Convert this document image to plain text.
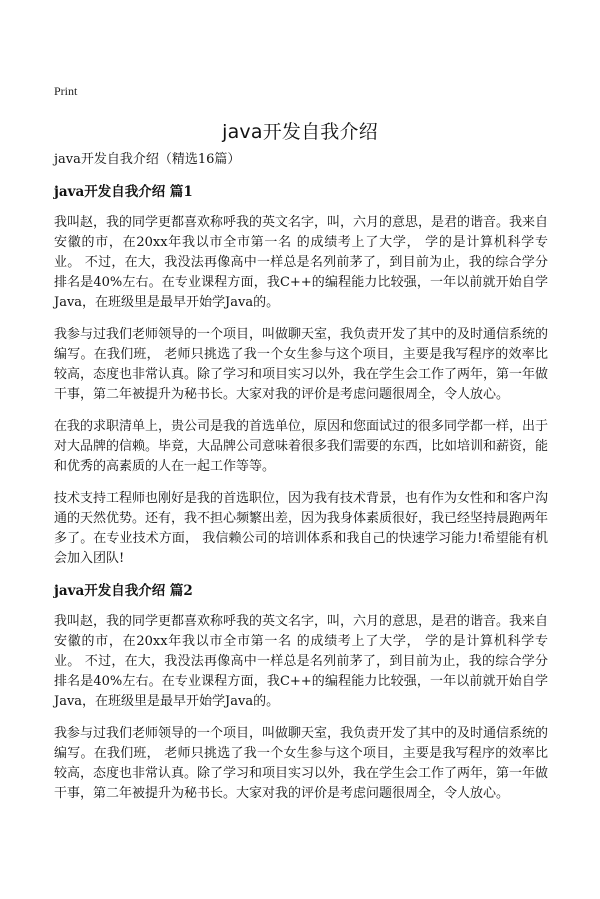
Print
java开发自我介绍
java开发自我介绍（精选16篇）
java开发自我介绍 篇1

我叫赵，我的同学更都喜欢称呼我的英文名字，叫，六月的意思，是君的谐音。我来自安徽的市，在20xx年我以市全市第一名 的成绩考上了大学， 学的是计算机科学专业。 不过，在大，我没法再像高中一样总是名列前茅了，到目前为止，我的综合学分排名是40%左右。在专业课程方面，我C++的编程能力比较强，一年以前就开始自学 Java，在班级里是最早开始学Java的。

我参与过我们老师领导的一个项目，叫做聊天室，我负责开发了其中的及时通信系统的编写。在我们班， 老师只挑选了我一个女生参与这个项目，主要是我写程序的效率比较高，态度也非常认真。除了学习和项目实习以外，我在学生会工作了两年，第一年做干事，第二年被提升为秘书长。大家对我的评价是考虑问题很周全，令人放心。

在我的求职清单上，贵公司是我的首选单位，原因和您面试过的很多同学都一样，出于对大品牌的信赖。毕竟，大品牌公司意味着很多我们需要的东西，比如培训和薪资，能和优秀的高素质的人在一起工作等等。

技术支持工程师也刚好是我的首选职位，因为我有技术背景，也有作为女性和和客户沟通的天然优势。还有，我不担心频繁出差，因为我身体素质很好，我已经坚持晨跑两年多了。在专业技术方面， 我信赖公司的培训体系和我自己的快速学习能力!希望能有机会加入团队!

java开发自我介绍 篇2

我叫赵，我的同学更都喜欢称呼我的英文名字，叫，六月的意思，是君的谐音。我来自安徽的市，在20xx年我以市全市第一名 的成绩考上了大学， 学的是计算机科学专业。 不过，在大，我没法再像高中一样总是名列前茅了，到目前为止，我的综合学分排名是40%左右。在专业课程方面，我C++的编程能力比较强，一年以前就开始自学 Java，在班级里是最早开始学Java的。

我参与过我们老师领导的一个项目，叫做聊天室，我负责开发了其中的及时通信系统的编写。在我们班， 老师只挑选了我一个女生参与这个项目，主要是我写程序的效率比较高，态度也非常认真。除了学习和项目实习以外，我在学生会工作了两年，第一年做干事，第二年被提升为秘书长。大家对我的评价是考虑问题很周全，令人放心。
